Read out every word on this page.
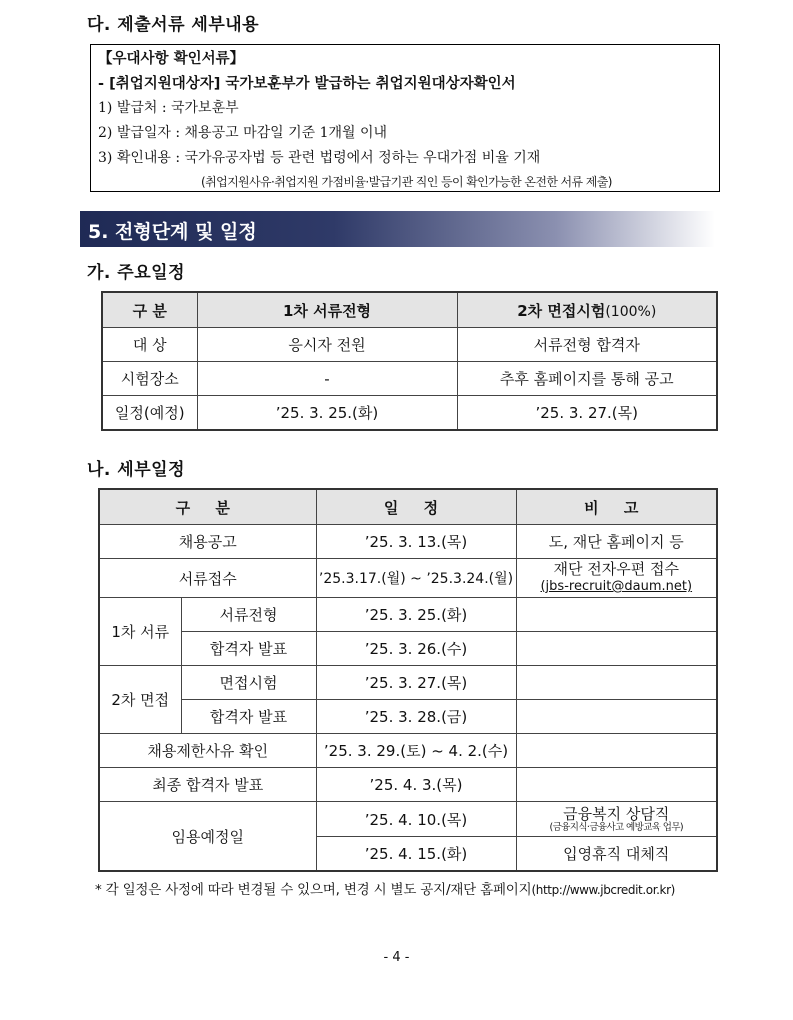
다. 제출서류 세부내용
【우대사항 확인서류】
- [취업지원대상자] 국가보훈부가 발급하는 취업지원대상자확인서
1) 발급처 : 국가보훈부
2) 발급일자 : 채용공고 마감일 기준 1개월 이내
3) 확인내용 : 국가유공자법 등 관련 법령에서 정하는 우대가점 비율 기재
(취업지원사유·취업지원 가점비율·발급기관 직인 등이 확인가능한 온전한 서류 제출)
5. 전형단계 및 일정
가. 주요일정
구 분	1차 서류전형	2차 면접시험(100%)
대 상	응시자 전원	서류전형 합격자
시험장소	-	추후 홈페이지를 통해 공고
일정(예정)	’25. 3. 25.(화)	’25. 3. 27.(목)
나. 세부일정
구 분		일 정	비 고
채용공고		’25. 3. 13.(목)	도, 재단 홈페이지 등
서류접수		’25.3.17.(월) ~ ’25.3.24.(월)	재단 전자우편 접수
(jbs-recruit@daum.net)

1차 서류	서류전형	’25. 3. 25.(화)	
	합격자 발표	’25. 3. 26.(수)	
2차 면접	면접시험	’25. 3. 27.(목)	
	합격자 발표	’25. 3. 28.(금)	
채용제한사유 확인		’25. 3. 29.(토) ~ 4. 2.(수)	
최종 합격자 발표		’25. 4. 3.(목)	
임용예정일		’25. 4. 10.(목)	금융복지 상담직
(금융지식·금융사고 예방교육 업무)

		’25. 4. 15.(화)	입영휴직 대체직
* 각 일정은 사정에 따라 변경될 수 있으며, 변경 시 별도 공지/재단 홈페이지(http://www.jbcredit.or.kr)
- 4 -
